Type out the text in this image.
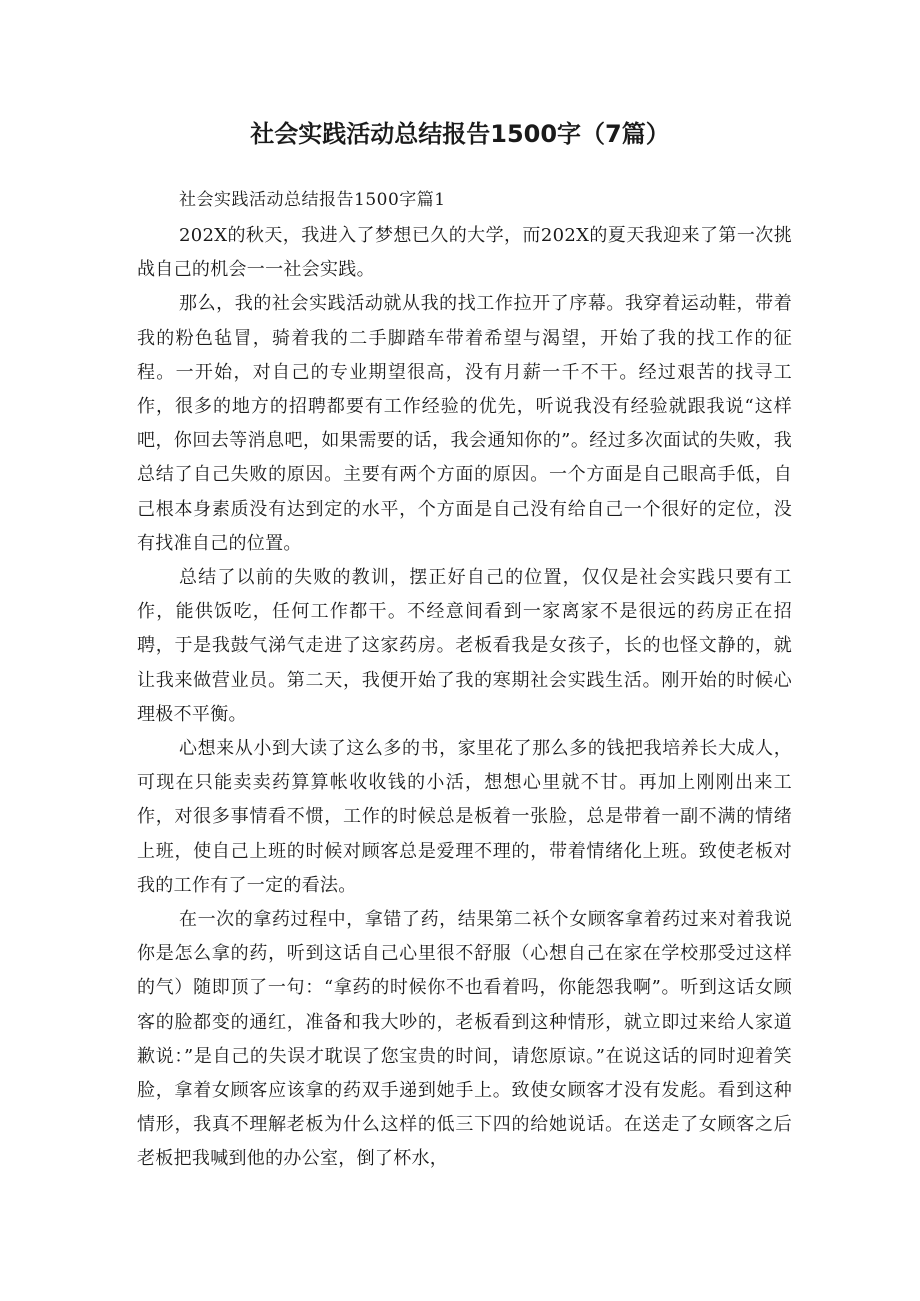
社会实践活动总结报告1500字（7篇）

社会实践活动总结报告1500字篇1

202X的秋天，我进入了梦想已久的大学，而202X的夏天我迎来了第一次挑战自己的机会一一社会实践。

那么，我的社会实践活动就从我的找工作拉开了序幕。我穿着运动鞋，带着我的粉色毡冒，骑着我的二手脚踏车带着希望与渴望，开始了我的找工作的征程。一开始，对自己的专业期望很高，没有月薪一千不干。经过艰苦的找寻工作，很多的地方的招聘都要有工作经验的优先，听说我没有经验就跟我说“这样吧，你回去等消息吧，如果需要的话，我会通知你的”。经过多次面试的失败，我总结了自己失败的原因。主要有两个方面的原因。一个方面是自己眼高手低，自己根本身素质没有达到定的水平，个方面是自己没有给自己一个很好的定位，没有找准自己的位置。

总结了以前的失败的教训，摆正好自己的位置，仅仅是社会实践只要有工作，能供饭吃，任何工作都干。不经意间看到一家离家不是很远的药房正在招聘，于是我鼓气涕气走进了这家药房。老板看我是女孩子，长的也怪文静的，就让我来做营业员。第二天，我便开始了我的寒期社会实践生活。刚开始的时候心理极不平衡。

心想来从小到大读了这么多的书，家里花了那么多的钱把我培养长大成人，可现在只能卖卖药算算帐收收钱的小活，想想心里就不甘。再加上刚刚出来工作，对很多事情看不惯，工作的时候总是板着一张脸，总是带着一副不满的情绪上班，使自己上班的时候对顾客总是爱理不理的，带着情绪化上班。致使老板对我的工作有了一定的看法。

在一次的拿药过程中，拿错了药，结果第二袄个女顾客拿着药过来对着我说你是怎么拿的药，听到这话自己心里很不舒服（心想自己在家在学校那受过这样的气）随即顶了一句：“拿药的时候你不也看着吗，你能怨我啊”。听到这话女顾客的脸都变的通红，准备和我大吵的，老板看到这种情形，就立即过来给人家道歉说：”是自己的失误才耽误了您宝贵的时间，请您原谅。”在说这话的同时迎着笑脸，拿着女顾客应该拿的药双手递到她手上。致使女顾客才没有发彪。看到这种情形，我真不理解老板为什么这样的低三下四的给她说话。在送走了女顾客之后老板把我喊到他的办公室，倒了杯水，
